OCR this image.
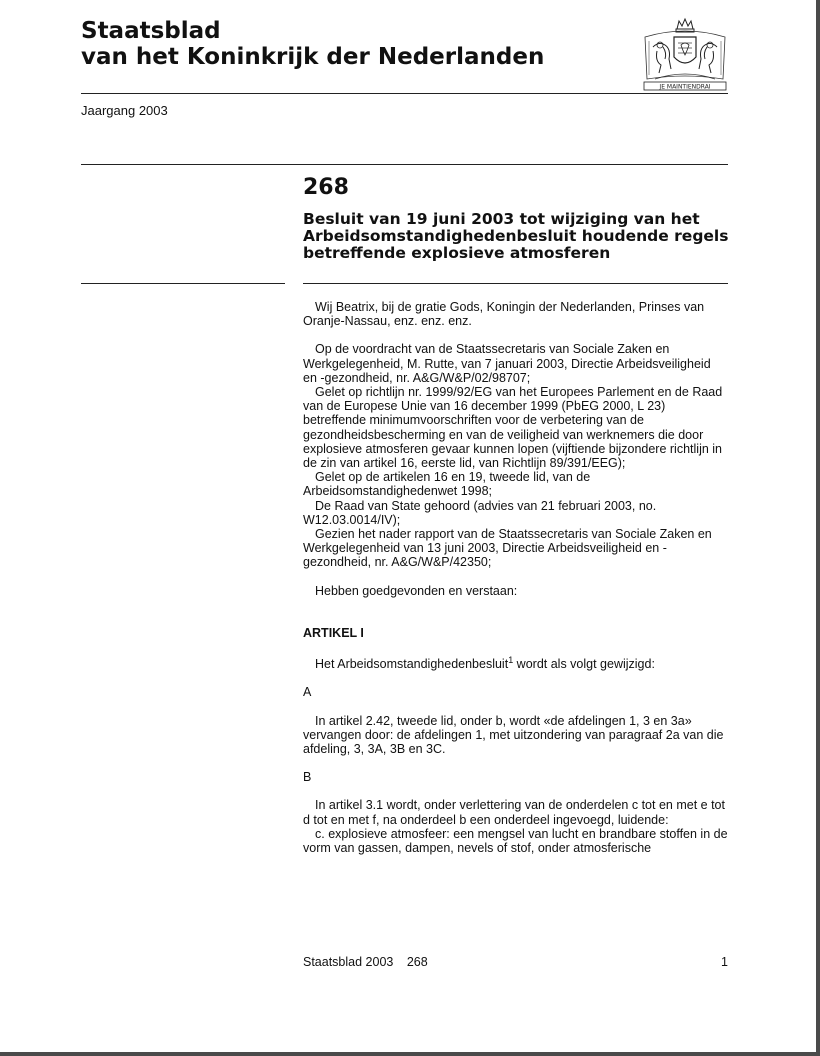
Staatsblad
van het Koninkrijk der Nederlanden
JE MAINTIENDRAI
Jaargang 2003
268
Besluit van 19 juni 2003 tot wijziging van het Arbeidsomstandighedenbesluit houdende regels betreffende explosieve atmosferen

Wij Beatrix, bij de gratie Gods, Koningin der Nederlanden, Prinses van Oranje-Nassau, enz. enz. enz.

Op de voordracht van de Staatssecretaris van Sociale Zaken en Werkgelegenheid, M. Rutte, van 7 januari 2003, Directie Arbeidsveiligheid en -gezondheid, nr. A&G/W&P/02/98707;

Gelet op richtlijn nr. 1999/92/EG van het Europees Parlement en de Raad van de Europese Unie van 16 december 1999 (PbEG 2000, L 23) betreffende minimumvoorschriften voor de verbetering van de gezondheidsbescherming en van de veiligheid van werknemers die door explosieve atmosferen gevaar kunnen lopen (vijftiende bijzondere richtlijn in de zin van artikel 16, eerste lid, van Richtlijn 89/391/EEG);

Gelet op de artikelen 16 en 19, tweede lid, van de Arbeidsomstandighedenwet 1998;

De Raad van State gehoord (advies van 21 februari 2003, no. W12.03.0014/IV);

Gezien het nader rapport van de Staatssecretaris van Sociale Zaken en Werkgelegenheid van 13 juni 2003, Directie Arbeidsveiligheid en -gezondheid, nr. A&G/W&P/42350;

Hebben goedgevonden en verstaan:

ARTIKEL I

Het Arbeidsomstandighedenbesluit$^1$ wordt als volgt gewijzigd:

A

In artikel 2.42, tweede lid, onder b, wordt «de afdelingen 1, 3 en 3a» vervangen door: de afdelingen 1, met uitzondering van paragraaf 2a van die afdeling, 3, 3A, 3B en 3C.

B

In artikel 3.1 wordt, onder verlettering van de onderdelen c tot en met e tot d tot en met f, na onderdeel b een onderdeel ingevoegd, luidende:

c. explosieve atmosfeer: een mengsel van lucht en brandbare stoffen in de vorm van gassen, dampen, nevels of stof, onder atmosferische

Staatsblad 2003 268	1
